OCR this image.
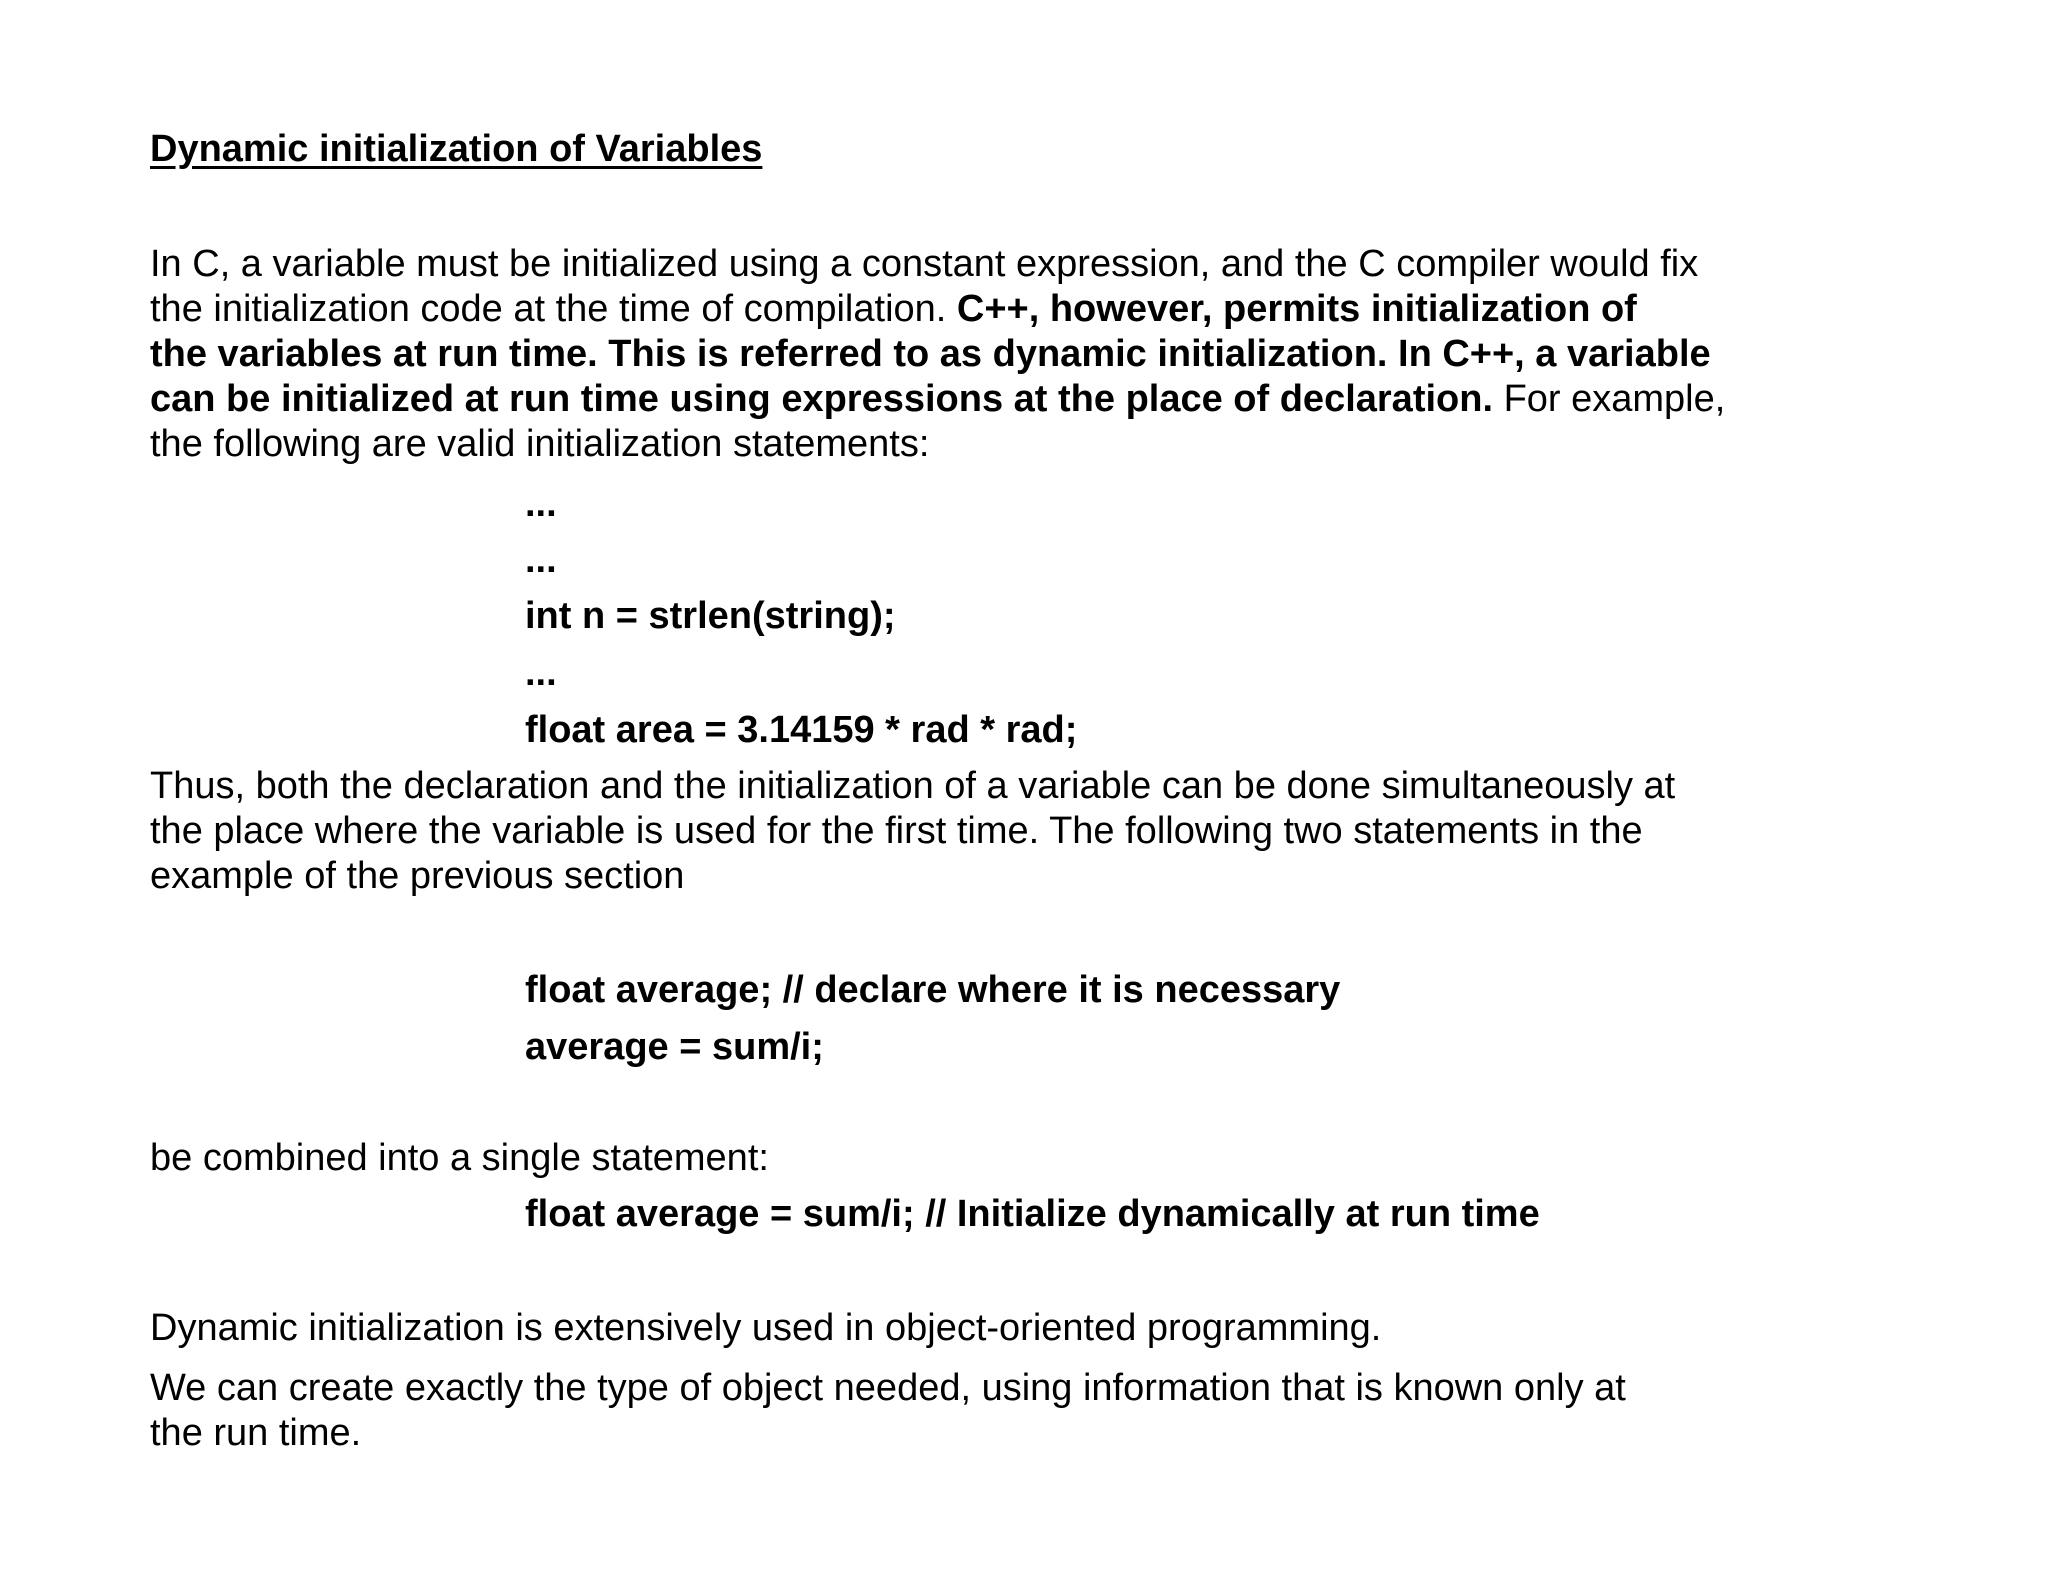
Dynamic initialization of Variables
In C, a variable must be initialized using a constant expression, and the C compiler would fix
the initialization code at the time of compilation. C++, however, permits initialization of
the variables at run time. This is referred to as dynamic initialization. In C++, a variable
can be initialized at run time using expressions at the place of declaration. For example,
the following are valid initialization statements:
...
...
int n = strlen(string);
...
float area = 3.14159 * rad * rad;
Thus, both the declaration and the initialization of a variable can be done simultaneously at
the place where the variable is used for the first time. The following two statements in the
example of the previous section
float average; // declare where it is necessary
average = sum/i;
be combined into a single statement:
float average = sum/i; // Initialize dynamically at run time
Dynamic initialization is extensively used in object-oriented programming.
We can create exactly the type of object needed, using information that is known only at
the run time.
